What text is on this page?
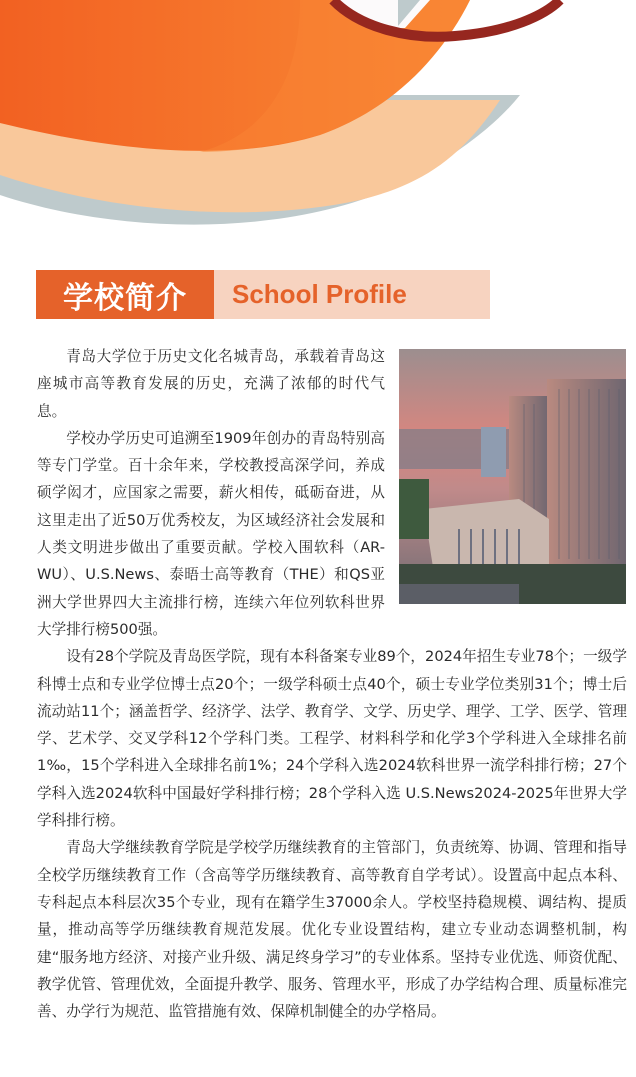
学校简介	School Profile

青岛大学位于历史文化名城青岛，承载着青岛这座城市高等教育发展的历史，充满了浓郁的时代气息。

学校办学历史可追溯至1909年创办的青岛特别高等专门学堂。百十余年来，学校教授高深学问，养成硕学闳才，应国家之需要，薪火相传，砥砺奋进，从这里走出了近50万优秀校友，为区域经济社会发展和人类文明进步做出了重要贡献。学校入围软科（AR-WU）、U.S.News、泰晤士高等教育（THE）和QS亚洲大学世界四大主流排行榜，连续六年位列软科世界大学排行榜500强。

设有28个学院及青岛医学院，现有本科备案专业89个，2024年招生专业78个；一级学科博士点和专业学位博士点20个；一级学科硕士点40个，硕士专业学位类别31个；博士后流动站11个；涵盖哲学、经济学、法学、教育学、文学、历史学、理学、工学、医学、管理学、艺术学、交叉学科12个学科门类。工程学、材料科学和化学3个学科进入全球排名前1‰，15个学科进入全球排名前1%；24个学科入选2024软科世界一流学科排行榜；27个学科入选2024软科中国最好学科排行榜；28个学科入选 U.S.News2024-2025年世界大学学科排行榜。

青岛大学继续教育学院是学校学历继续教育的主管部门，负责统筹、协调、管理和指导全校学历继续教育工作（含高等学历继续教育、高等教育自学考试）。设置高中起点本科、专科起点本科层次35个专业，现有在籍学生37000余人。学校坚持稳规模、调结构、提质量，推动高等学历继续教育规范发展。优化专业设置结构，建立专业动态调整机制，构建“服务地方经济、对接产业升级、满足终身学习”的专业体系。坚持专业优选、师资优配、教学优管、管理优效，全面提升教学、服务、管理水平，形成了办学结构合理、质量标准完善、办学行为规范、监管措施有效、保障机制健全的办学格局。
